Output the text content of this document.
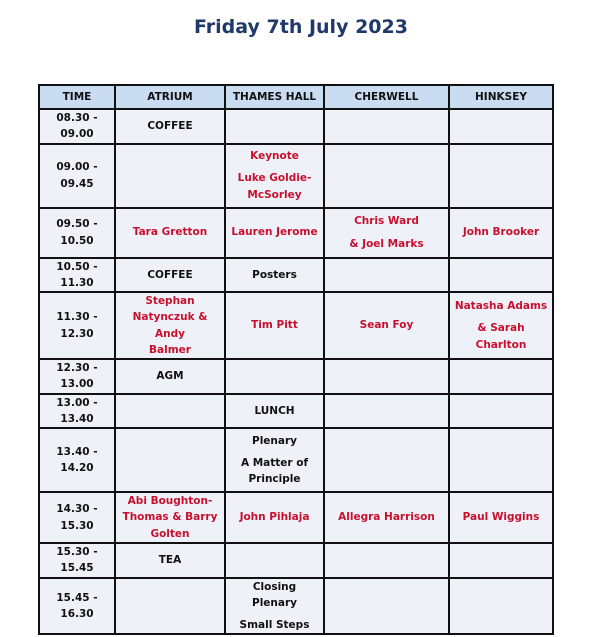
Friday 7th July 2023
TIME	ATRIUM	THAMES HALL	CHERWELL	HINKSEY

08.30 -
09.00	COFFEE			

09.00 -
09.45		Keynote
Luke Goldie-
McSorley		

09.50 -
10.50	Tara Gretton	Lauren Jerome	Chris Ward
& Joel Marks	John Brooker

10.50 -
11.30	COFFEE	Posters		

11.30 -
12.30	Stephan
Natynczuk & Andy
Balmer	Tim Pitt	Sean Foy	Natasha Adams
& Sarah
Charlton

12.30 -
13.00	AGM			

13.00 -
13.40		LUNCH		

13.40 -
14.20		Plenary
A Matter of
Principle		

14.30 -
15.30	Abi Boughton-
Thomas & Barry
Golten	John Pihlaja	Allegra Harrison	Paul Wiggins

15.30 -
15.45	TEA			

15.45 -
16.30		Closing Plenary
Small Steps		
